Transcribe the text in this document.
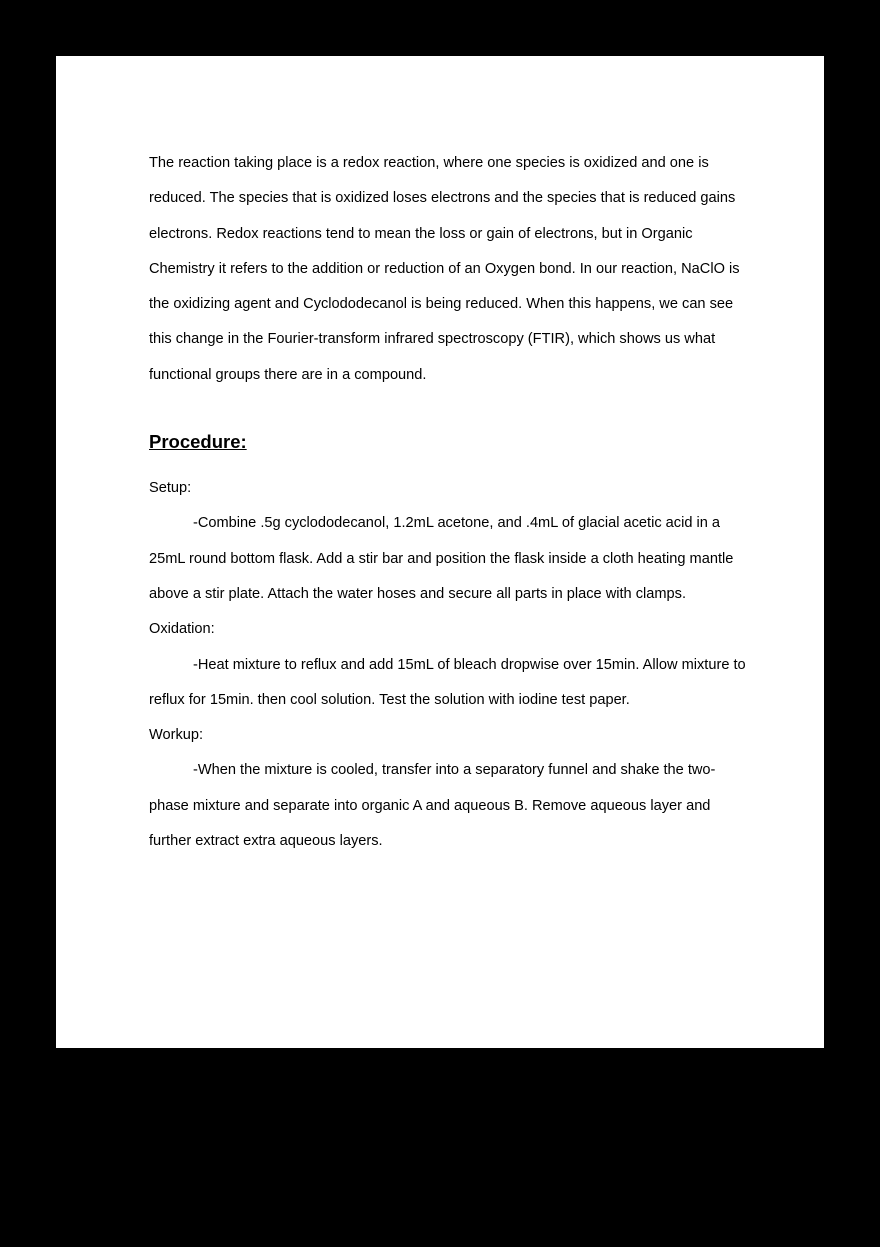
The reaction taking place is a redox reaction, where one species is oxidized and one is reduced. The species that is oxidized loses electrons and the species that is reduced gains electrons. Redox reactions tend to mean the loss or gain of electrons, but in Organic Chemistry it refers to the addition or reduction of an Oxygen bond. In our reaction, NaClO is the oxidizing agent and Cyclododecanol is being reduced. When this happens, we can see this change in the Fourier-transform infrared spectroscopy (FTIR), which shows us what functional groups there are in a compound.

Procedure:

Setup:

-Combine .5g cyclododecanol, 1.2mL acetone, and .4mL of glacial acetic acid in a 25mL round bottom flask. Add a stir bar and position the flask inside a cloth heating mantle above a stir plate. Attach the water hoses and secure all parts in place with clamps.

Oxidation:

-Heat mixture to reflux and add 15mL of bleach dropwise over 15min. Allow mixture to reflux for 15min. then cool solution. Test the solution with iodine test paper.

Workup:

-When the mixture is cooled, transfer into a separatory funnel and shake the two-phase mixture and separate into organic A and aqueous B. Remove aqueous layer and further extract extra aqueous layers.
